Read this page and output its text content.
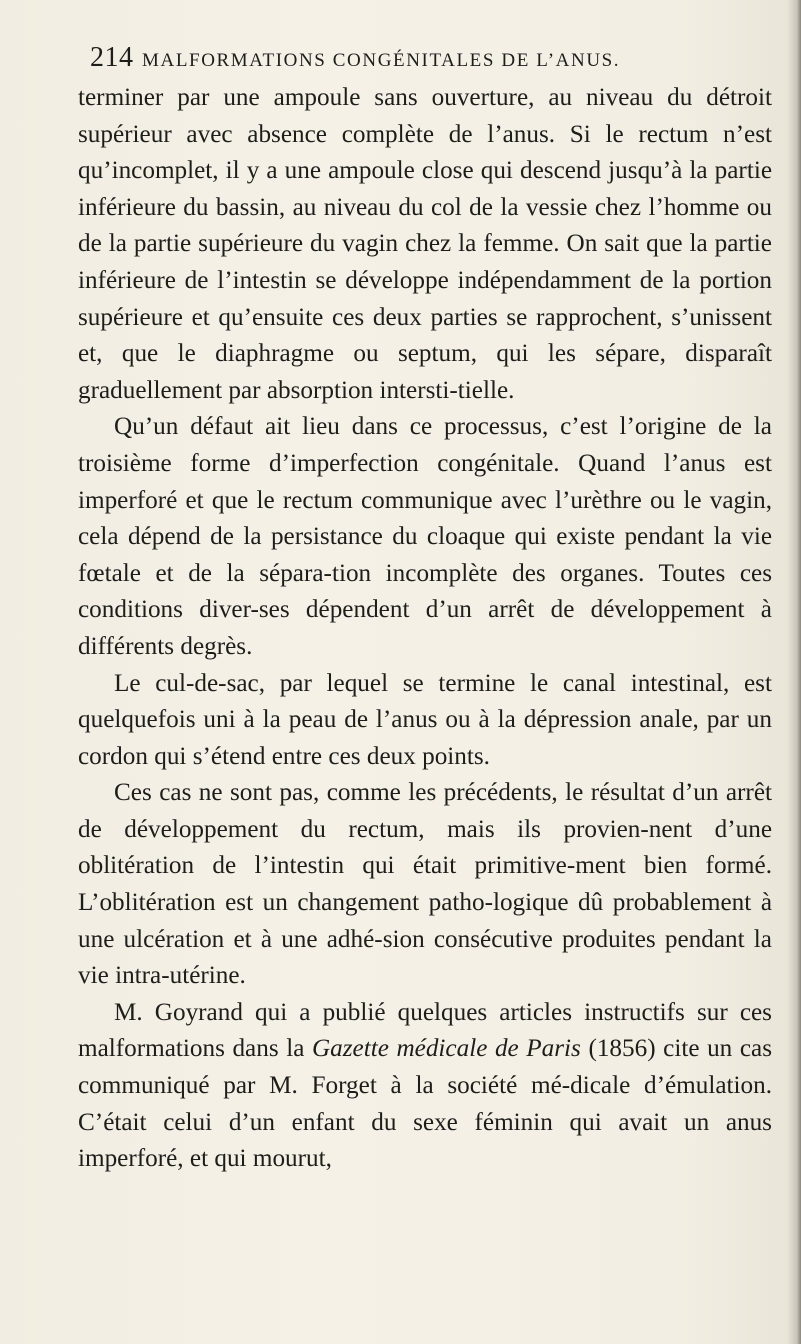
214 MALFORMATIONS CONGÉNITALES DE L’ANUS.

terminer par une ampoule sans ouverture, au niveau du détroit supérieur avec absence complète de l’anus. Si le rectum n’est qu’incomplet, il y a une ampoule close qui descend jusqu’à la partie inférieure du bassin, au niveau du col de la vessie chez l’homme ou de la partie supérieure du vagin chez la femme. On sait que la partie inférieure de l’intestin se développe indépendamment de la portion supérieure et qu’ensuite ces deux parties se rapprochent, s’unissent et, que le diaphragme ou septum, qui les sépare, disparaît graduellement par absorption intersti-tielle.

Qu’un défaut ait lieu dans ce processus, c’est l’origine de la troisième forme d’imperfection congénitale. Quand l’anus est imperforé et que le rectum communique avec l’urèthre ou le vagin, cela dépend de la persistance du cloaque qui existe pendant la vie fœtale et de la sépara-tion incomplète des organes. Toutes ces conditions diver-ses dépendent d’un arrêt de développement à différents degrès.

Le cul-de-sac, par lequel se termine le canal intestinal, est quelquefois uni à la peau de l’anus ou à la dépression anale, par un cordon qui s’étend entre ces deux points.

Ces cas ne sont pas, comme les précédents, le résultat d’un arrêt de développement du rectum, mais ils provien-nent d’une oblitération de l’intestin qui était primitive-ment bien formé. L’oblitération est un changement patho-logique dû probablement à une ulcération et à une adhé-sion consécutive produites pendant la vie intra-utérine.

M. Goyrand qui a publié quelques articles instructifs sur ces malformations dans la Gazette médicale de Paris (1856) cite un cas communiqué par M. Forget à la société mé-dicale d’émulation. C’était celui d’un enfant du sexe féminin qui avait un anus imperforé, et qui mourut,
